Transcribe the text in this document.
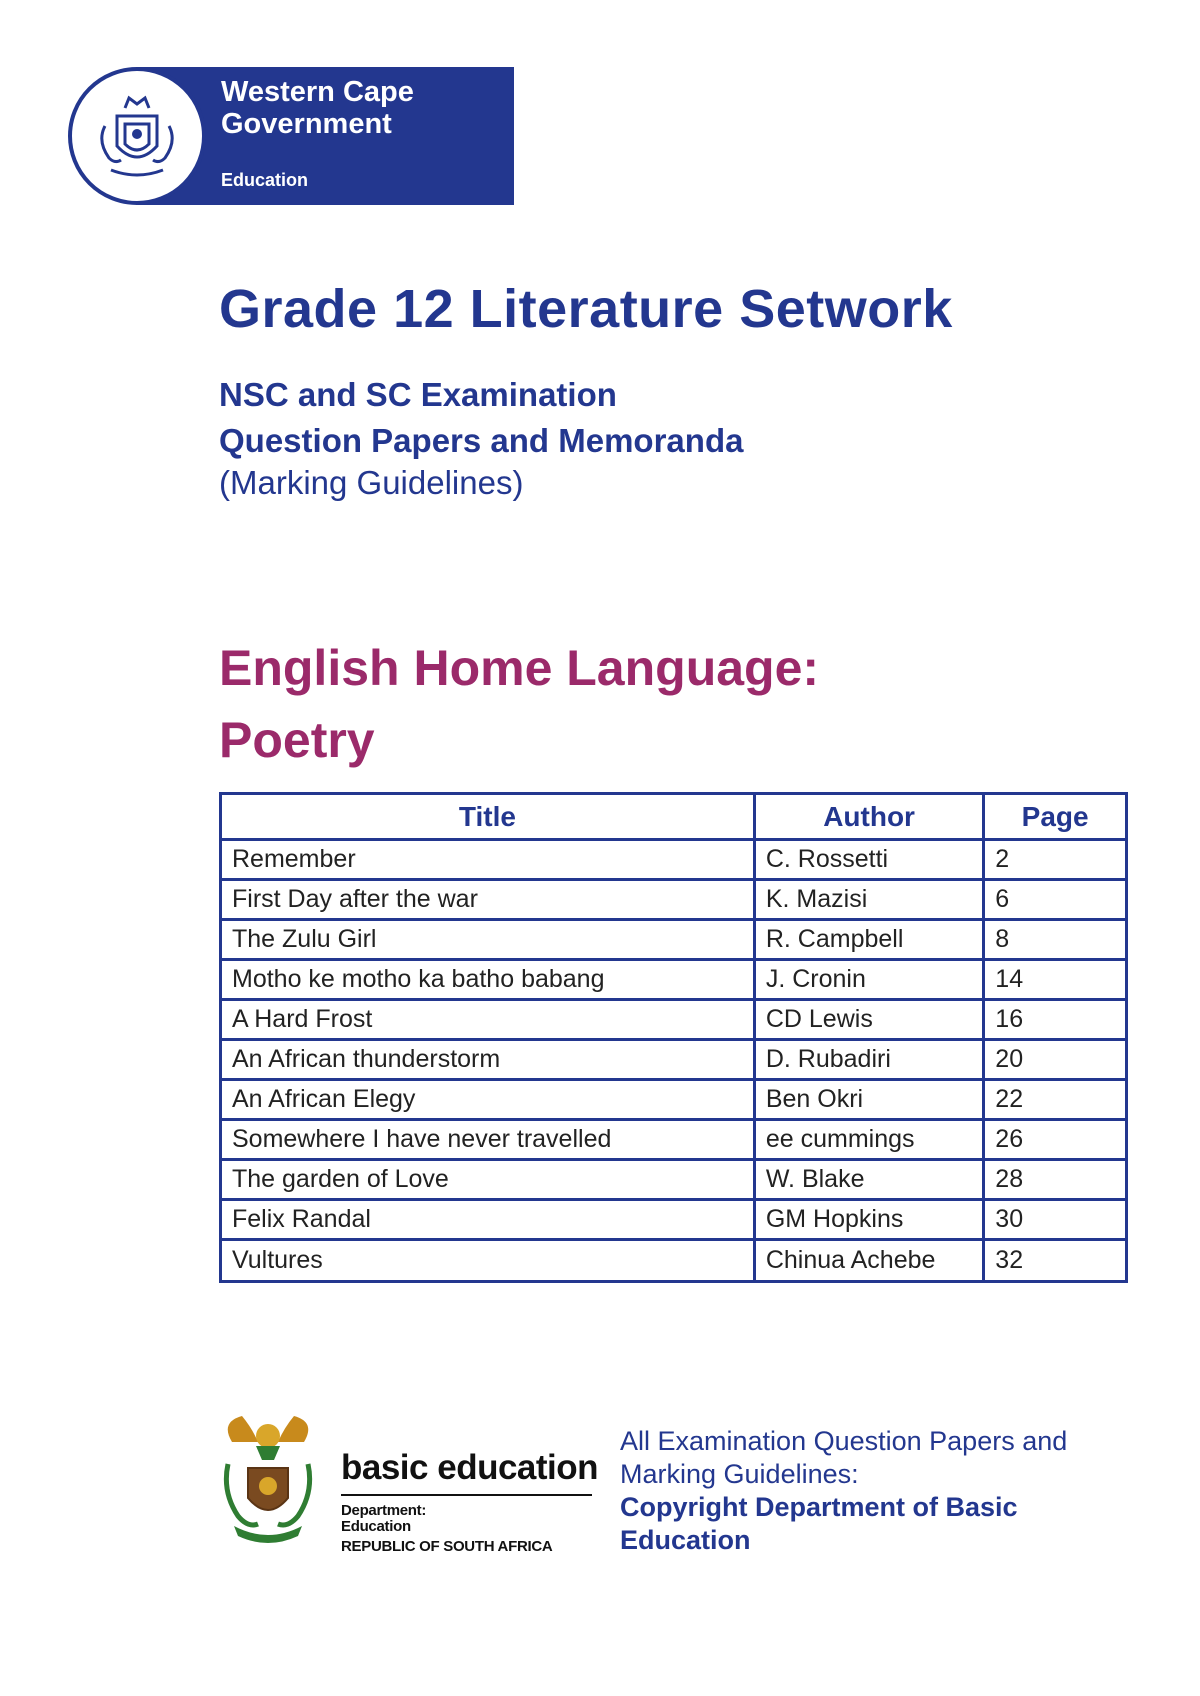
Western Cape Government
Education
Grade 12 Literature Setwork
NSC and SC Examination
Question Papers and Memoranda
(Marking Guidelines)
English Home Language:
Poetry
Title	Author	Page
Remember	C. Rossetti	2
First Day after the war	K. Mazisi	6
The Zulu Girl	R. Campbell	8
Motho ke motho ka batho babang	J. Cronin	14
A Hard Frost	CD Lewis	16
An African thunderstorm	D. Rubadiri	20
An African Elegy	Ben Okri	22
Somewhere I have never travelled	ee cummings	26
The garden of Love	W. Blake	28
Felix Randal	GM Hopkins	30
Vultures	Chinua Achebe	32
basic education
Department:
Education
REPUBLIC OF SOUTH AFRICA
All Examination Question Papers and Marking Guidelines:
Copyright Department of Basic Education
